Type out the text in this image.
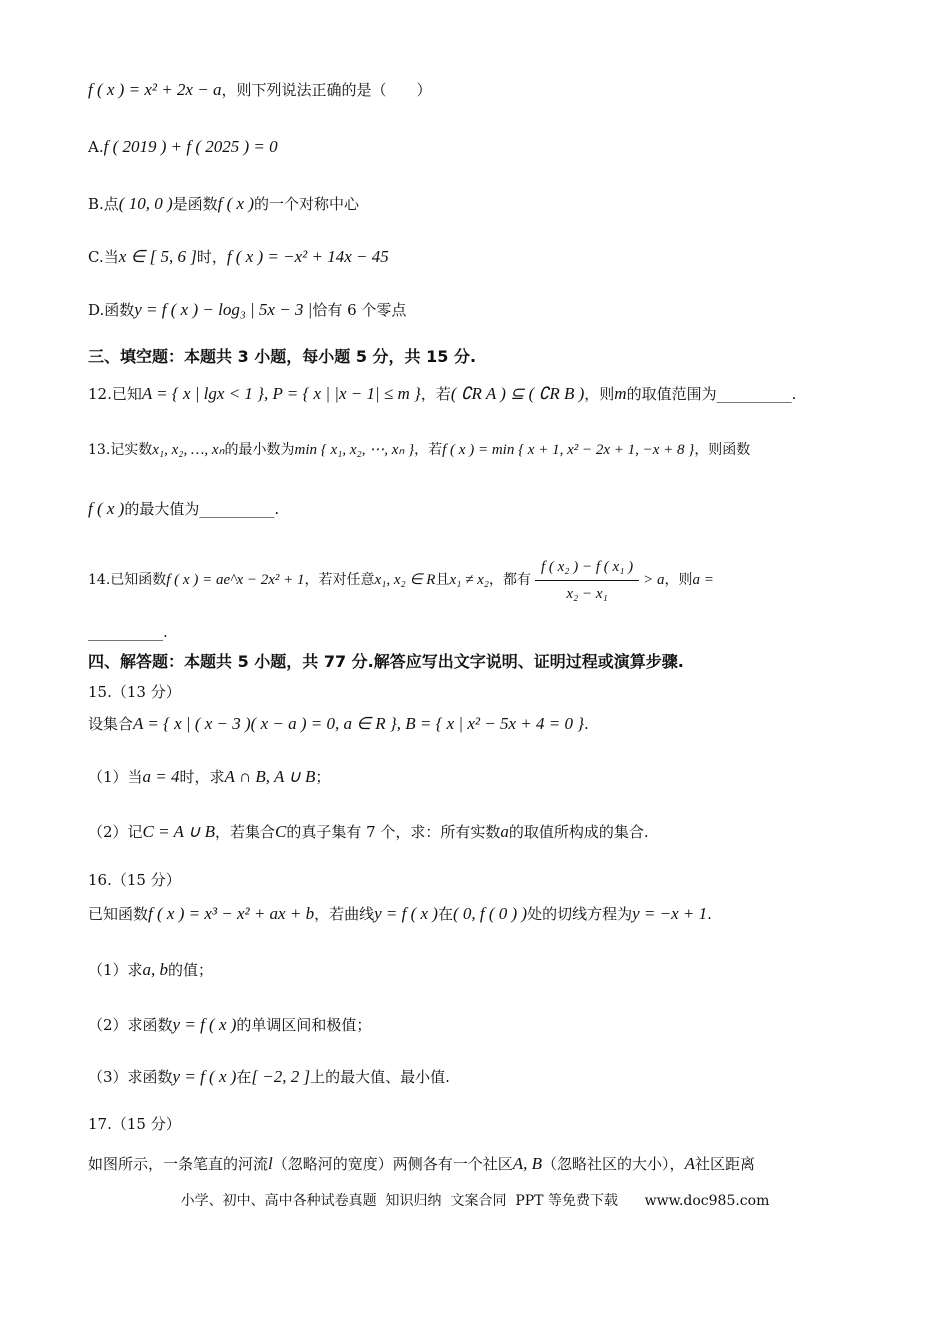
f ( x ) = x² + 2x − a，则下列说法正确的是（　　）
A.f ( 2019 ) + f ( 2025 ) = 0
B.点( 10, 0 )是函数f ( x )的一个对称中心
C.当x ∈ [ 5, 6 ]时，f ( x ) = −x² + 14x − 45
D.函数y = f ( x ) − log₃ | 5x − 3 |恰有 6 个零点
三、填空题：本题共 3 小题，每小题 5 分，共 15 分.
12.已知A = { x | lgx < 1 }, P = { x | |x − 1| ≤ m }，若( ∁R A ) ⊆ ( ∁R B )，则m的取值范围为__________.
13.记实数x₁, x₂, …, xₙ的最小数为min { x₁, x₂, ⋯, xₙ }，若f ( x ) = min { x + 1, x² − 2x + 1, −x + 8 }，则函数
f ( x )的最大值为__________.
14.已知函数f ( x ) = ae^x − 2x² + 1，若对任意x₁, x₂ ∈ R且x₁ ≠ x₂，都有 $\frac{\text{f ( x₂ ) − f ( x₁ )}}{\text{x₂ − x₁}} > a$，则a =
__________.
四、解答题：本题共 5 小题，共 77 分.解答应写出文字说明、证明过程或演算步骤.
15.（13 分）
设集合A = { x | ( x − 3 )( x − a ) = 0, a ∈ R }, B = { x | x² − 5x + 4 = 0 }.
（1）当a = 4时，求A ∩ B, A ∪ B；
（2）记C = A ∪ B，若集合C的真子集有 7 个，求：所有实数a的取值所构成的集合.
16.（15 分）
已知函数f ( x ) = x³ − x² + ax + b，若曲线y = f ( x )在( 0, f ( 0 ) )处的切线方程为y = −x + 1.
（1）求a, b的值；
（2）求函数y = f ( x )的单调区间和极值；
（3）求函数y = f ( x )在[ −2, 2 ]上的最大值、最小值.
17.（15 分）
如图所示，一条笔直的河流l（忽略河的宽度）两侧各有一个社区A, B（忽略社区的大小），A社区距离
小学、初中、高中各种试卷真题  知识归纳  文案合同  PPT 等免费下载      www.doc985.com
